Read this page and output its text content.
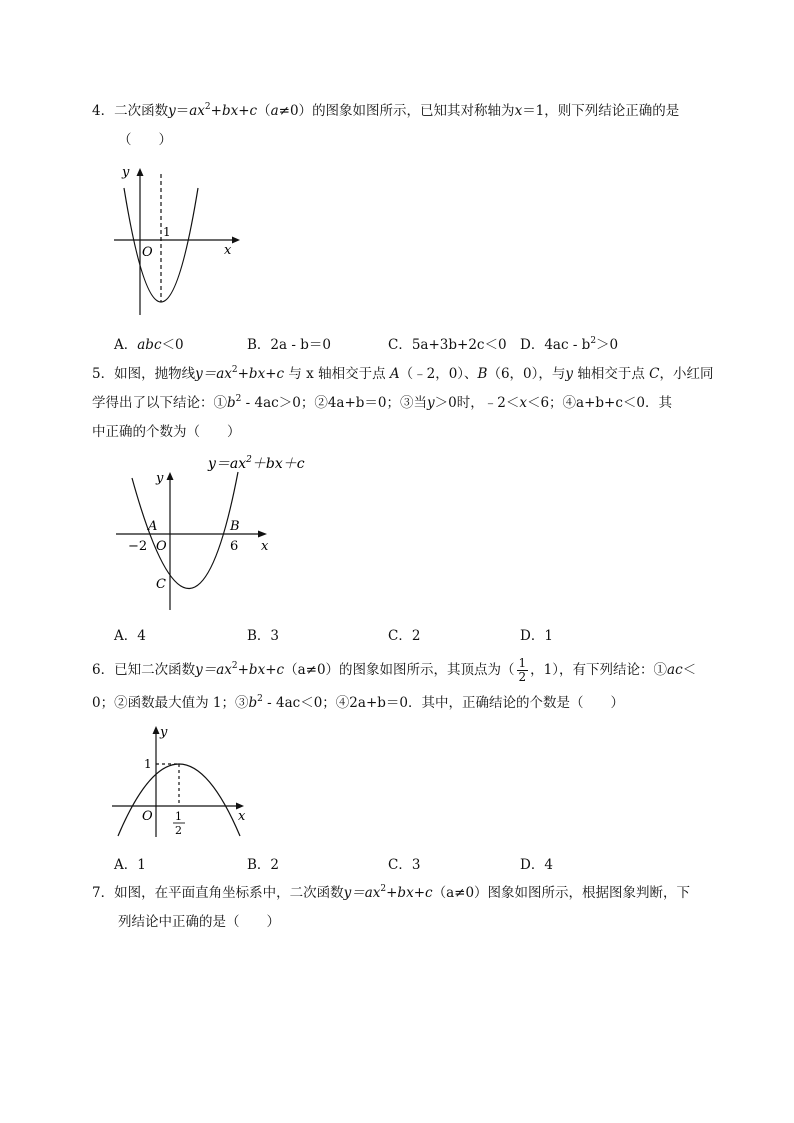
4．二次函数$y=ax^2+bx+c(a\ne 0)$的图象如图所示，已知其对称轴为x＝1，则下列结论正确的是
（　　）
y
x
O
1
A．abc＜0	B．2a - b＝0	C．5a+3b+2c＜0 D．$4ac - b^2>0$
5．如图，抛物线$y=ax^2+bx+c$ 与 x 轴相交于点 A（﹣2，0）、B（6，0），与y 轴相交于点 C，小红同
学得出了以下结论：$①b^2 - 4ac>0$；②4a+b＝0；③当y＞0时，﹣2＜x＜6；④a+b+c＜0．其
中正确的个数为（　　）
$y=ax^2+bx+c$
y
x
A	B
C
O
−2	6
A．4	B．3	C．2	D．1
6．已知二次函数$y=ax^2+bx+c(a\ne 0)$的图象如图所示，其顶点为（ $\frac{1}{2}$ ，1），有下列结论：①ac＜
0；②函数最大值为 1；$③b^2 - 4ac<0$；④2a+b＝0．其中，正确结论的个数是（　　）
y
x
O
1
1
2
A．1	B．2	C．3	D．4
7．如图，在平面直角坐标系中，二次函数$y=ax^2+bx+c(a\ne 0)$图象如图所示，根据图象判断，下
列结论中正确的是（　　）
